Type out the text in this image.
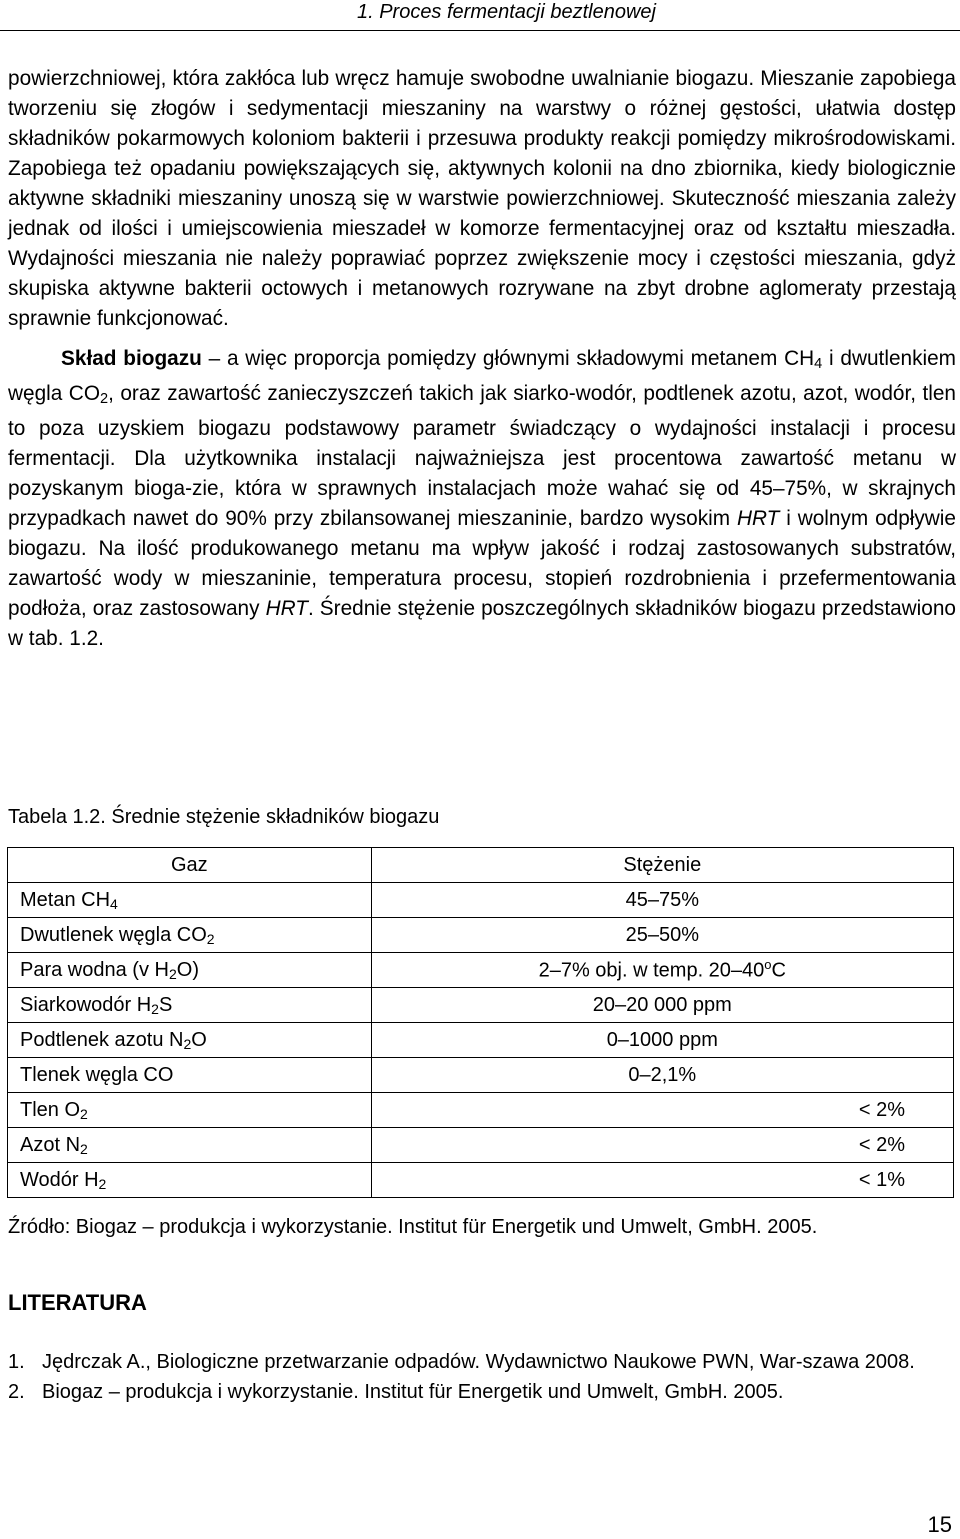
1. Proces fermentacji beztlenowej

powierzchniowej, która zakłóca lub wręcz hamuje swobodne uwalnianie biogazu. Mieszanie zapobiega tworzeniu się złogów i sedymentacji mieszaniny na warstwy o różnej gęstości, ułatwia dostęp składników pokarmowych koloniom bakterii i przesuwa produkty reakcji pomiędzy mikrośrodowiskami. Zapobiega też opadaniu powiększających się, aktywnych kolonii na dno zbiornika, kiedy biologicznie aktywne składniki mieszaniny unoszą się w warstwie powierzchniowej. Skuteczność mieszania zależy jednak od ilości i umiejscowienia mieszadeł w komorze fermentacyjnej oraz od kształtu mieszadła. Wydajności mieszania nie należy poprawiać poprzez zwiększenie mocy i częstości mieszania, gdyż skupiska aktywne bakterii octowych i metanowych rozrywane na zbyt drobne aglomeraty przestają sprawnie funkcjonować.

Skład biogazu – a więc proporcja pomiędzy głównymi składowymi metanem $CH_4$ i dwutlenkiem węgla $CO_2$, oraz zawartość zanieczyszczeń takich jak siarko-wodór, podtlenek azotu, azot, wodór, tlen to poza uzyskiem biogazu podstawowy parametr świadczący o wydajności instalacji i procesu fermentacji. Dla użytkownika instalacji najważniejsza jest procentowa zawartość metanu w pozyskanym bioga-zie, która w sprawnych instalacjach może wahać się od 45–75%, w skrajnych przypadkach nawet do 90% przy zbilansowanej mieszaninie, bardzo wysokim HRT i wolnym odpływie biogazu. Na ilość produkowanego metanu ma wpływ jakość i rodzaj zastosowanych substratów, zawartość wody w mieszaninie, temperatura procesu, stopień rozdrobnienia i przefermentowania podłoża, oraz zastosowany HRT. Średnie stężenie poszczególnych składników biogazu przedstawiono w tab. 1.2.

Tabela 1.2. Średnie stężenie składników biogazu
Gaz	Stężenie
Metan $CH_4$	45–75%
Dwutlenek węgla $CO_2$	25–50%
Para wodna (v $H_2O$)	2–7% obj. w temp. 20–40$^o$C
Siarkowodór $H_2S$	20–20 000 ppm
Podtlenek azotu $N_2O$	0–1000 ppm
Tlenek węgla CO	0–2,1%
Tlen $O_2$	< 2%
Azot $N_2$	< 2%
Wodór $H_2$	< 1%
Źródło: Biogaz – produkcja i wykorzystanie. Institut für Energetik und Umwelt, GmbH. 2005.
LITERATURA
1. Jędrczak A., Biologiczne przetwarzanie odpadów. Wydawnictwo Naukowe PWN, War-szawa 2008.
2. Biogaz – produkcja i wykorzystanie. Institut für Energetik und Umwelt, GmbH. 2005.
15
